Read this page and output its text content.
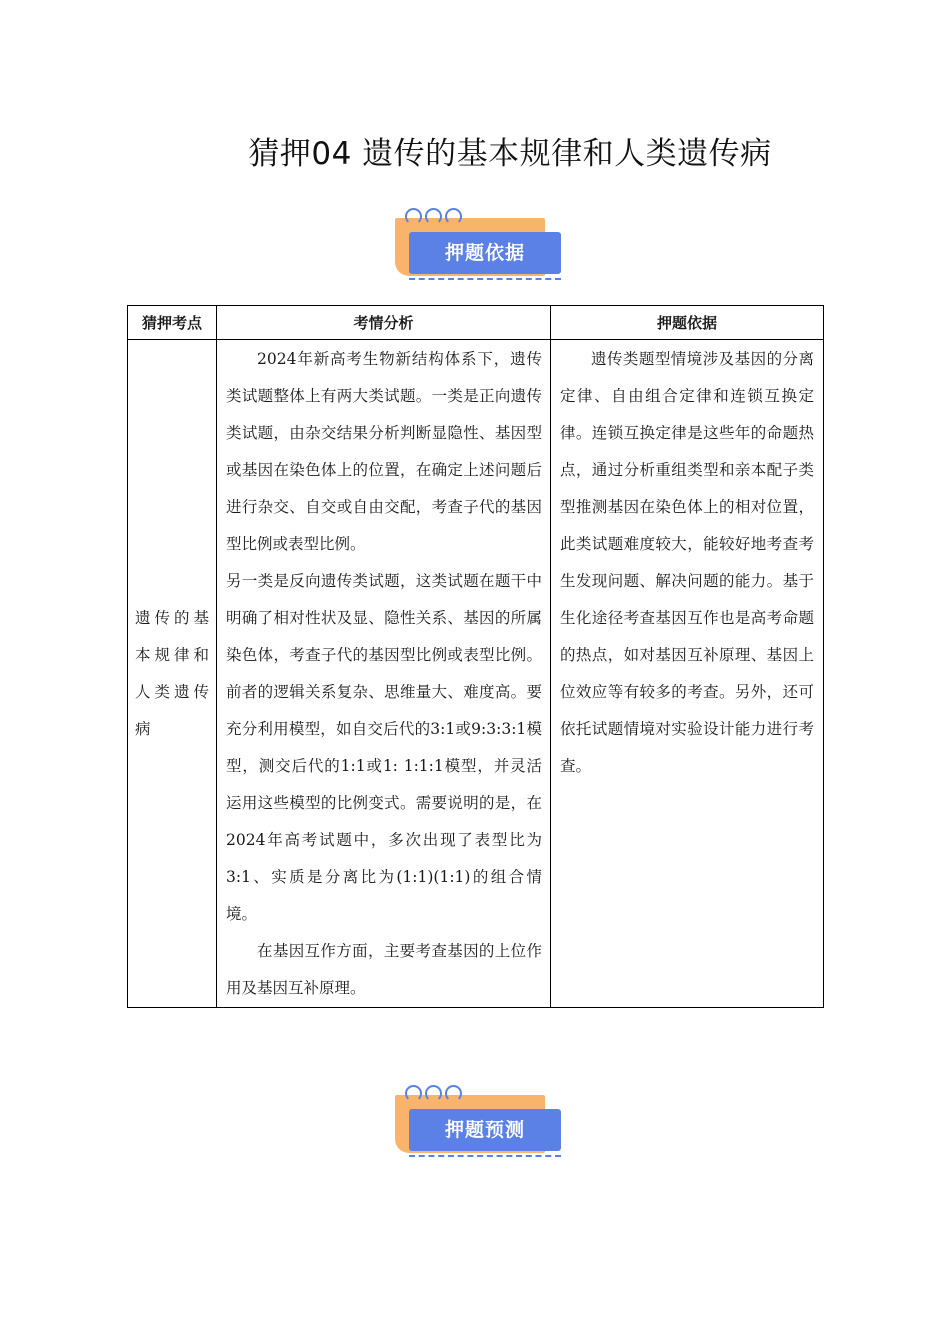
猜押04 遗传的基本规律和人类遗传病
押题依据
猜押考点	考情分析	押题依据

遗传的基本规律和人类遗传病	2024年新高考生物新结构体系下，遗传类试题整体上有两大类试题。一类是正向遗传类试题，由杂交结果分析判断显隐性、基因型或基因在染色体上的位置，在确定上述问题后进行杂交、自交或自由交配，考查子代的基因型比例或表型比例。

另一类是反向遗传类试题，这类试题在题干中明确了相对性状及显、隐性关系、基因的所属染色体，考查子代的基因型比例或表型比例。前者的逻辑关系复杂、思维量大、难度高。要充分利用模型，如自交后代的3:1或9:3:3:1模型，测交后代的1:1或1: 1:1:1模型，并灵活运用这些模型的比例变式。需要说明的是，在2024年高考试题中，多次出现了表型比为3:1、实质是分离比为(1:1)(1:1)的组合情境。

在基因互作方面，主要考查基因的上位作用及基因互补原理。	遗传类题型情境涉及基因的分离定律、自由组合定律和连锁互换定律。连锁互换定律是这些年的命题热点，通过分析重组类型和亲本配子类型推测基因在染色体上的相对位置，此类试题难度较大，能较好地考查考生发现问题、解决问题的能力。基于生化途径考查基因互作也是高考命题的热点，如对基因互补原理、基因上位效应等有较多的考查。另外，还可依托试题情境对实验设计能力进行考查。

押题预测
